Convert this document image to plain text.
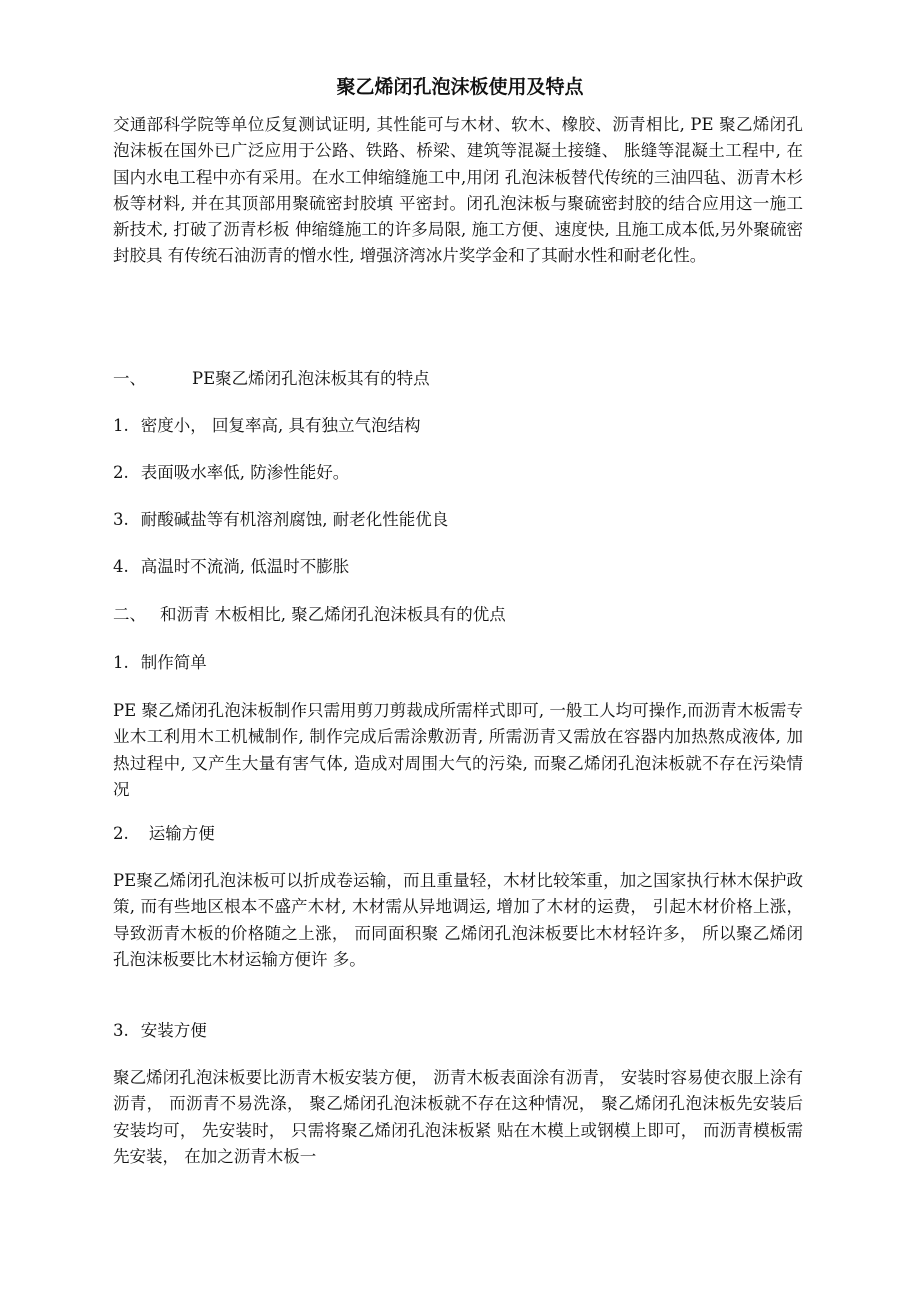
聚乙烯闭孔泡沫板使用及特点

交通部科学院等单位反复测试证明, 其性能可与木材、软木、橡胶、沥青相比, PE 聚乙烯闭孔泡沫板在国外已广泛应用于公路、铁路、桥梁、建筑等混凝土接缝、 胀缝等混凝土工程中, 在国内水电工程中亦有采用。在水工伸缩缝施工中,用闭 孔泡沫板替代传统的三油四毡、沥青木杉板等材料, 并在其顶部用聚硫密封胶填 平密封。闭孔泡沫板与聚硫密封胶的结合应用这一施工新技术, 打破了沥青杉板 伸缩缝施工的许多局限, 施工方便、速度快, 且施工成本低,另外聚硫密封胶具 有传统石油沥青的憎水性, 增强济湾冰片奖学金和了其耐水性和耐老化性。

一、	PE聚乙烯闭孔泡沫板其有的特点
1. 密度小， 回复率高, 具有独立气泡结构
2. 表面吸水率低, 防渗性能好。
3. 耐酸碱盐等有机溶剂腐蚀, 耐老化性能优良
4. 高温时不流淌, 低温时不膨胀
二、 和沥青 木板相比, 聚乙烯闭孔泡沫板具有的优点
1. 制作简单

PE 聚乙烯闭孔泡沫板制作只需用剪刀剪裁成所需样式即可, 一般工人均可操作,而沥青木板需专业木工利用木工机械制作, 制作完成后需涂敷沥青, 所需沥青又需放在容器内加热熬成液体, 加热过程中, 又产生大量有害气体, 造成对周围大气的污染, 而聚乙烯闭孔泡沫板就不存在污染情况

2. 运输方便

PE聚乙烯闭孔泡沫板可以折成卷运输，而且重量轻，木材比较笨重，加之国家执行林木保护政策, 而有些地区根本不盛产木材, 木材需从异地调运, 增加了木材的运费， 引起木材价格上涨， 导致沥青木板的价格随之上涨， 而同面积聚 乙烯闭孔泡沫板要比木材轻许多， 所以聚乙烯闭孔泡沫板要比木材运输方便许 多。

3. 安装方便

聚乙烯闭孔泡沫板要比沥青木板安装方便， 沥青木板表面涂有沥青， 安装时容易使衣服上涂有沥青， 而沥青不易洗涤， 聚乙烯闭孔泡沫板就不存在这种情况， 聚乙烯闭孔泡沫板先安装后安装均可， 先安装时， 只需将聚乙烯闭孔泡沫板紧 贴在木模上或钢模上即可， 而沥青模板需先安装， 在加之沥青木板一
